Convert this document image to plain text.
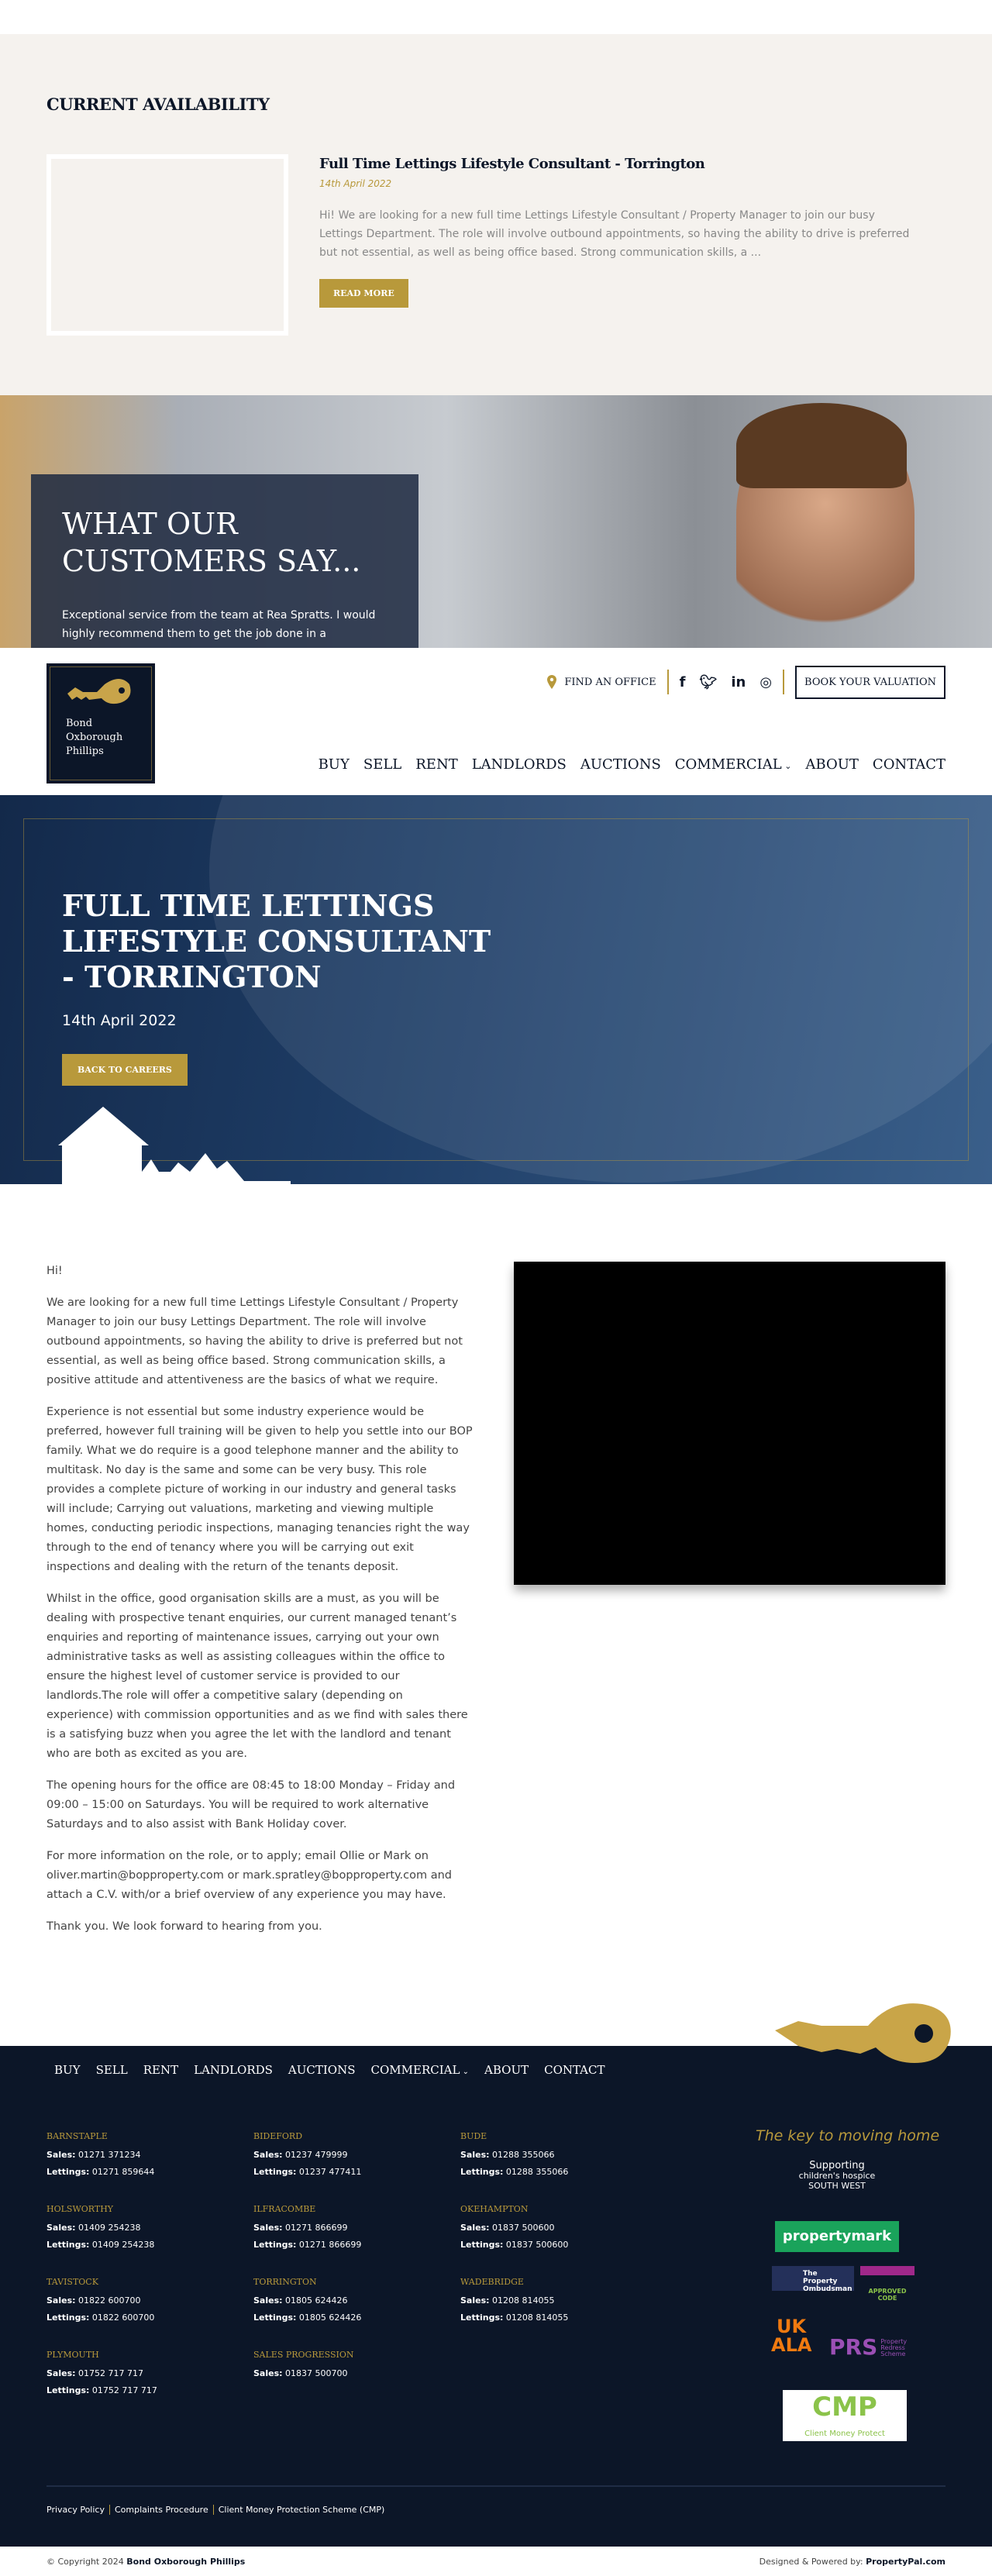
CURRENT AVAILABILITY
Full Time Lettings Lifestyle Consultant - Torrington
14th April 2022

Hi! We are looking for a new full time Lettings Lifestyle Consultant / Property Manager to join our busy Lettings Department. The role will involve outbound appointments, so having the ability to drive is preferred but not essential, as well as being office based. Strong communication skills, a ...

READ MORE
WHAT OUR CUSTOMERS SAY...

Exceptional service from the team at Rea Spratts. I would highly recommend them to get the job done in a

Bond
Oxborough
Phillips
FIND AN OFFICE f 🐦︎ in ◎	BOOK YOUR VALUATION
BUY SELL RENT LANDLORDS AUCTIONS COMMERCIAL ⌄ ABOUT CONTACT
FULL TIME LETTINGS LIFESTYLE CONSULTANT - TORRINGTON
14th April 2022
BACK TO CAREERS

Hi!

We are looking for a new full time Lettings Lifestyle Consultant / Property Manager to join our busy Lettings Department. The role will involve outbound appointments, so having the ability to drive is preferred but not essential, as well as being office based. Strong communication skills, a positive attitude and attentiveness are the basics of what we require.

Experience is not essential but some industry experience would be preferred, however full training will be given to help you settle into our BOP family. What we do require is a good telephone manner and the ability to multitask. No day is the same and some can be very busy. This role provides a complete picture of working in our industry and general tasks will include; Carrying out valuations, marketing and viewing multiple homes, conducting periodic inspections, managing tenancies right the way through to the end of tenancy where you will be carrying out exit inspections and dealing with the return of the tenants deposit.

Whilst in the office, good organisation skills are a must, as you will be dealing with prospective tenant enquiries, our current managed tenant’s enquiries and reporting of maintenance issues, carrying out your own administrative tasks as well as assisting colleagues within the office to ensure the highest level of customer service is provided to our landlords.The role will offer a competitive salary (depending on experience) with commission opportunities and as we find with sales there is a satisfying buzz when you agree the let with the landlord and tenant who are both as excited as you are.

The opening hours for the office are 08:45 to 18:00 Monday – Friday and 09:00 – 15:00 on Saturdays. You will be required to work alternative Saturdays and to also assist with Bank Holiday cover.

For more information on the role, or to apply; email Ollie or Mark on oliver.martin@bopproperty.com or mark.spratley@bopproperty.com and attach a C.V. with/or a brief overview of any experience you may have.

Thank you. We look forward to hearing from you.

BUY SELL RENT LANDLORDS AUCTIONS COMMERCIAL ⌄ ABOUT CONTACT
BARNSTAPLE
Sales: 01271 371234
Lettings: 01271 859644
BIDEFORD
Sales: 01237 479999
Lettings: 01237 477411
BUDE
Sales: 01288 355066
Lettings: 01288 355066
HOLSWORTHY
Sales: 01409 254238
Lettings: 01409 254238
ILFRACOMBE
Sales: 01271 866699
Lettings: 01271 866699
OKEHAMPTON
Sales: 01837 500600
Lettings: 01837 500600
TAVISTOCK
Sales: 01822 600700
Lettings: 01822 600700
TORRINGTON
Sales: 01805 624426
Lettings: 01805 624426
WADEBRIDGE
Sales: 01208 814055
Lettings: 01208 814055
PLYMOUTH
Sales: 01752 717 717
Lettings: 01752 717 717
SALES PROGRESSION
Sales: 01837 500700
The key to moving home
Supporting
children's hospice
SOUTH WEST
propertymark
The Property Ombudsman	APPROVED CODE
UK
ALA PRS Property Redress Scheme
CMP
Client Money Protect
Privacy Policy	Complaints Procedure	Client Money Protection Scheme (CMP)
© Copyright 2024 Bond Oxborough Phillips	Designed & Powered by: PropertyPal.com
